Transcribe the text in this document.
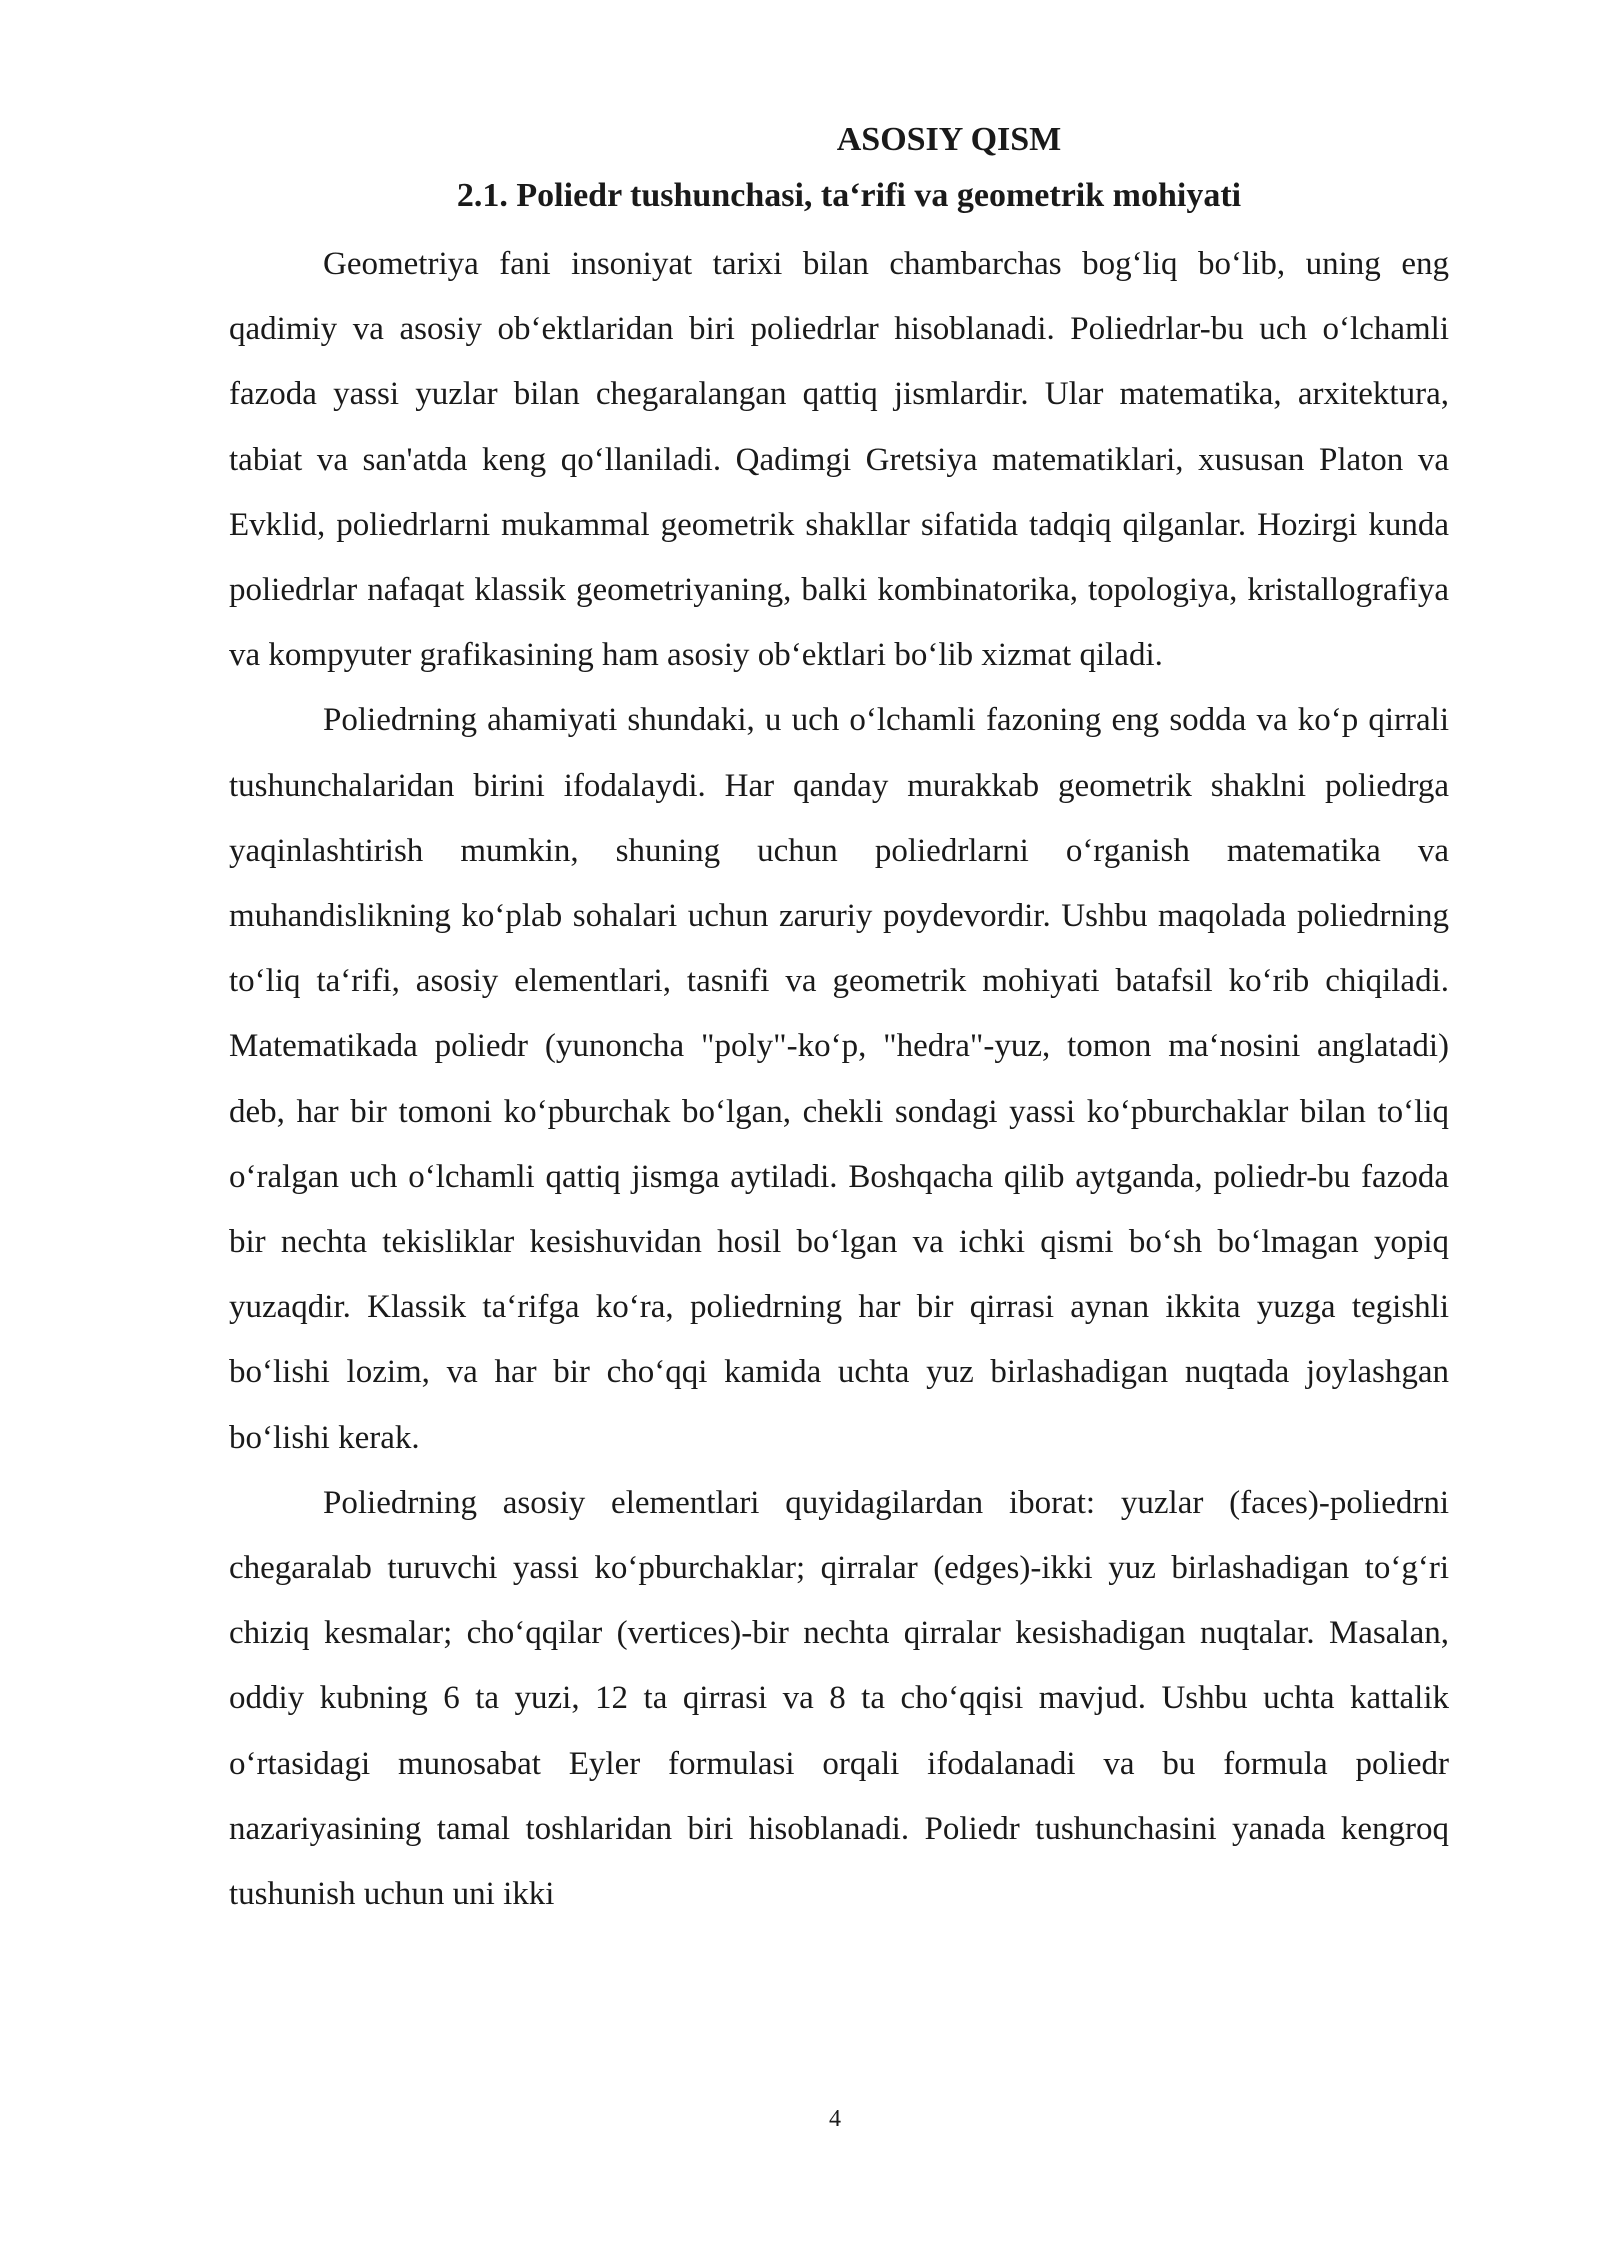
ASOSIY QISM
2.1. Poliedr tushunchasi, ta‘rifi va geometrik mohiyati

Geometriya fani insoniyat tarixi bilan chambarchas bog‘liq bo‘lib, uning eng qadimiy va asosiy ob‘ektlaridan biri poliedrlar hisoblanadi. Poliedrlar-bu uch o‘lchamli fazoda yassi yuzlar bilan chegaralangan qattiq jismlardir. Ular matematika, arxitektura, tabiat va san'atda keng qo‘llaniladi. Qadimgi Gretsiya matematiklari, xususan Platon va Evklid, poliedrlarni mukammal geometrik shakllar sifatida tadqiq qilganlar. Hozirgi kunda poliedrlar nafaqat klassik geometriyaning, balki kombinatorika, topologiya, kristallografiya va kompyuter grafikasining ham asosiy ob‘ektlari bo‘lib xizmat qiladi.

Poliedrning ahamiyati shundaki, u uch o‘lchamli fazoning eng sodda va ko‘p qirrali tushunchalaridan birini ifodalaydi. Har qanday murakkab geometrik shaklni poliedrga yaqinlashtirish mumkin, shuning uchun poliedrlarni o‘rganish matematika va muhandislikning ko‘plab sohalari uchun zaruriy poydevordir. Ushbu maqolada poliedrning to‘liq ta‘rifi, asosiy elementlari, tasnifi va geometrik mohiyati batafsil ko‘rib chiqiladi. Matematikada poliedr (yunoncha "poly"-ko‘p, "hedra"-yuz, tomon ma‘nosini anglatadi) deb, har bir tomoni ko‘pburchak bo‘lgan, chekli sondagi yassi ko‘pburchaklar bilan to‘liq o‘ralgan uch o‘lchamli qattiq jismga aytiladi. Boshqacha qilib aytganda, poliedr-bu fazoda bir nechta tekisliklar kesishuvidan hosil bo‘lgan va ichki qismi bo‘sh bo‘lmagan yopiq yuzaqdir. Klassik ta‘rifga ko‘ra, poliedrning har bir qirrasi aynan ikkita yuzga tegishli bo‘lishi lozim, va har bir cho‘qqi kamida uchta yuz birlashadigan nuqtada joylashgan bo‘lishi kerak.

Poliedrning asosiy elementlari quyidagilardan iborat: yuzlar (faces)-poliedrni chegaralab turuvchi yassi ko‘pburchaklar; qirralar (edges)-ikki yuz birlashadigan to‘g‘ri chiziq kesmalar; cho‘qqilar (vertices)-bir nechta qirralar kesishadigan nuqtalar. Masalan, oddiy kubning 6 ta yuzi, 12 ta qirrasi va 8 ta cho‘qqisi mavjud. Ushbu uchta kattalik o‘rtasidagi munosabat Eyler formulasi orqali ifodalanadi va bu formula poliedr nazariyasining tamal toshlaridan biri hisoblanadi. Poliedr tushunchasini yanada kengroq tushunish uchun uni ikki

4
